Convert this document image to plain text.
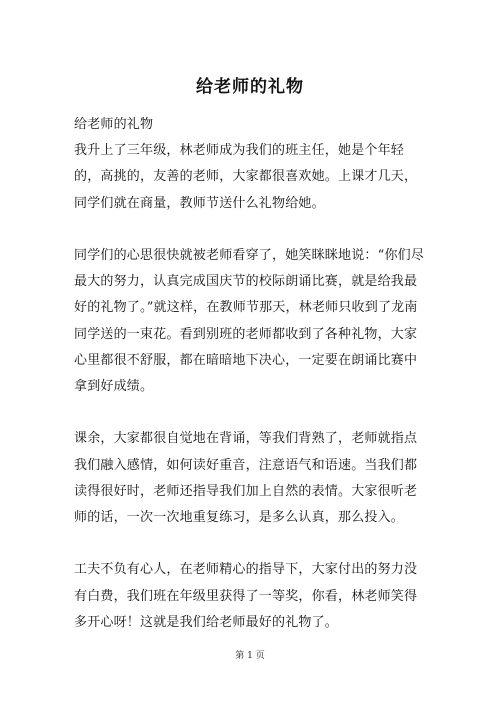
给老师的礼物

给老师的礼物

我升上了三年级，林老师成为我们的班主任，她是个年轻的，高挑的，友善的老师，大家都很喜欢她。上课才几天，同学们就在商量，教师节送什么礼物给她。

同学们的心思很快就被老师看穿了，她笑眯眯地说：“你们尽最大的努力，认真完成国庆节的校际朗诵比赛，就是给我最好的礼物了。”就这样，在教师节那天，林老师只收到了龙南同学送的一束花。看到别班的老师都收到了各种礼物，大家心里都很不舒服，都在暗暗地下决心，一定要在朗诵比赛中拿到好成绩。

课余，大家都很自觉地在背诵，等我们背熟了，老师就指点我们融入感情，如何读好重音，注意语气和语速。当我们都读得很好时，老师还指导我们加上自然的表情。大家很听老师的话，一次一次地重复练习，是多么认真，那么投入。

工夫不负有心人，在老师精心的指导下，大家付出的努力没有白费，我们班在年级里获得了一等奖，你看，林老师笑得多开心呀！这就是我们给老师最好的礼物了。

第 1 页
